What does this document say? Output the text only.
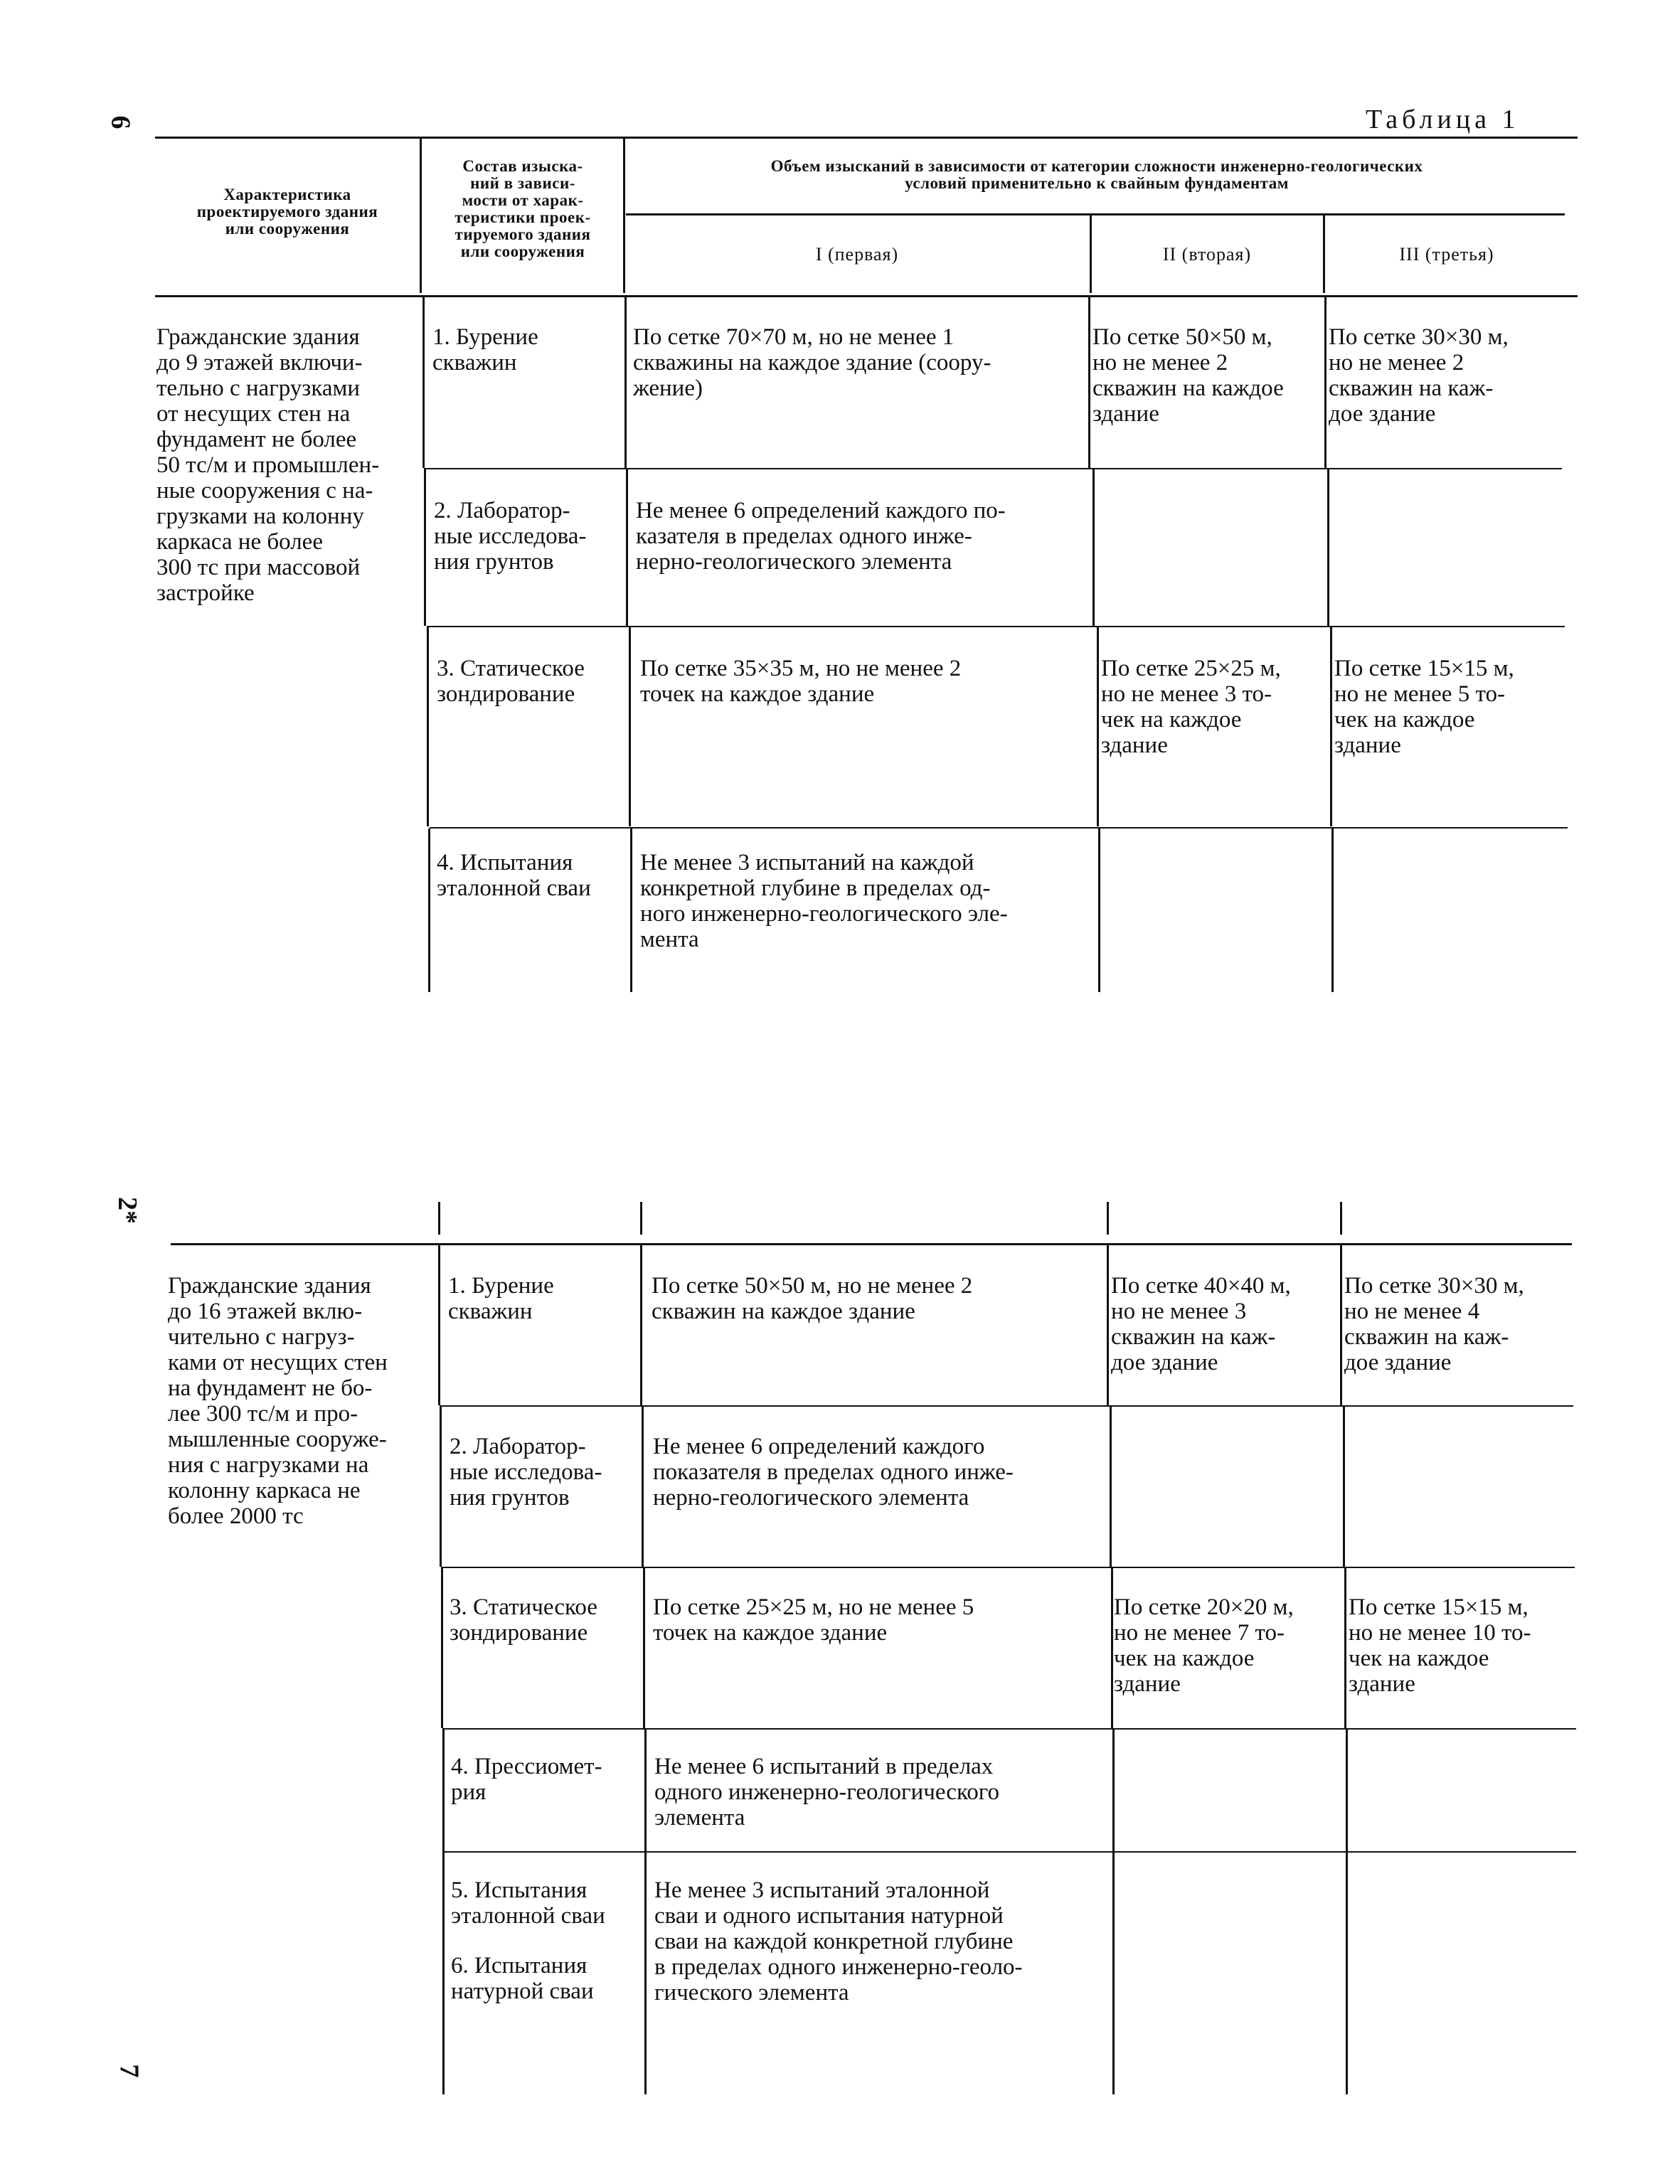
6
2*
7
Таблица 1
Характеристика
проектируемого здания
или сооружения
Состав изыска-
ний в зависи-
мости от харак-
теристики проек-
тируемого здания
или сооружения
Объем изысканий в зависимости от категории сложности инженерно-геологических
условий применительно к свайным фундаментам
I (первая)	II (вторая)	III (третья)
Гражданские здания
до 9 этажей включи-
тельно с нагрузками
от несущих стен на
фундамент не более
50 тс/м и промышлен-
ные сооружения с на-
грузками на колонну
каркаса не более
300 тс при массовой
застройке
1. Бурение
скважин
По сетке 70×70 м, но не менее 1
скважины на каждое здание (соору-
жение)
По сетке 50×50 м,
но не менее 2
скважин на каждое
здание
По сетке 30×30 м,
но не менее 2
скважин на каж-
дое здание
2. Лаборатор-
ные исследова-
ния грунтов
Не менее 6 определений каждого по-
казателя в пределах одного инже-
нерно-геологического элемента
3. Статическое
зондирование
По сетке 35×35 м, но не менее 2
точек на каждое здание
По сетке 25×25 м,
но не менее 3 то-
чек на каждое
здание
По сетке 15×15 м,
но не менее 5 то-
чек на каждое
здание
4. Испытания
эталонной сваи
Не менее 3 испытаний на каждой
конкретной глубине в пределах од-
ного инженерно-геологического эле-
мента
Гражданские здания
до 16 этажей вклю-
чительно с нагруз-
ками от несущих стен
на фундамент не бо-
лее 300 тс/м и про-
мышленные сооруже-
ния с нагрузками на
колонну каркаса не
более 2000 тс
1. Бурение
скважин
По сетке 50×50 м, но не менее 2
скважин на каждое здание
По сетке 40×40 м,
но не менее 3
скважин на каж-
дое здание
По сетке 30×30 м,
но не менее 4
скважин на каж-
дое здание
2. Лаборатор-
ные исследова-
ния грунтов
Не менее 6 определений каждого
показателя в пределах одного инже-
нерно-геологического элемента
3. Статическое
зондирование
По сетке 25×25 м, но не менее 5
точек на каждое здание
По сетке 20×20 м,
но не менее 7 то-
чек на каждое
здание
По сетке 15×15 м,
но не менее 10 то-
чек на каждое
здание
4. Прессиомет-
рия
Не менее 6 испытаний в пределах
одного инженерно-геологического
элемента
5. Испытания
эталонной сваи
6. Испытания
натурной сваи
Не менее 3 испытаний эталонной
сваи и одного испытания натурной
сваи на каждой конкретной глубине
в пределах одного инженерно-геоло-
гического элемента
